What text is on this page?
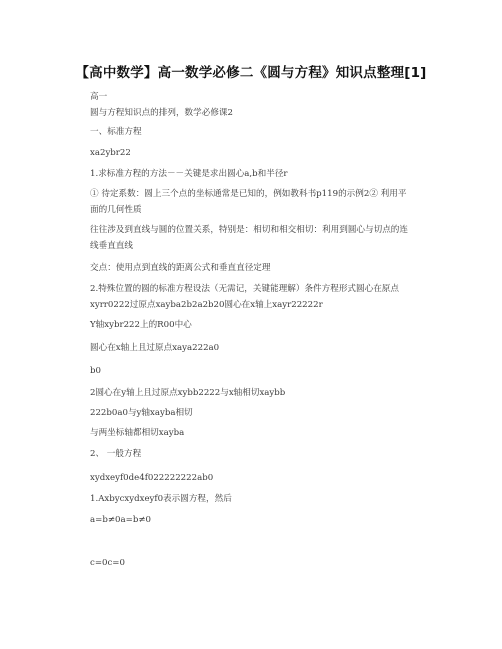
【高中数学】高一数学必修二《圆与方程》知识点整理[1]
高一
圆与方程知识点的排列，数学必修课2
一、标准方程
xa2ybr22
1.求标准方程的方法－－关键是求出圆心a,b和半径r
① 待定系数：圆上三个点的坐标通常是已知的，例如教科书p119的示例2② 利用平面的几何性质
往往涉及到直线与圆的位置关系，特别是：相切和相交相切：利用到圆心与切点的连线垂直直线
交点：使用点到直线的距离公式和垂直直径定理
2.特殊位置的圆的标准方程设法（无需记，关键能理解）条件方程形式圆心在原点xyrr0222过原点xayba2b2a2b20圆心在x轴上xayr22222r
Y轴xybr222上的R00中心
圆心在x轴上且过原点xaya222a0
b0
2圆心在y轴上且过原点xybb2222与x轴相切xaybb
222b0a0与y轴xayba相切
与两坐标轴都相切xayba
2、 一般方程
xydxeyf0de4f022222222ab0
1.Axbycxydxeyf0表示圆方程，然后
a=b≠0a=b≠0
c=0c=0
